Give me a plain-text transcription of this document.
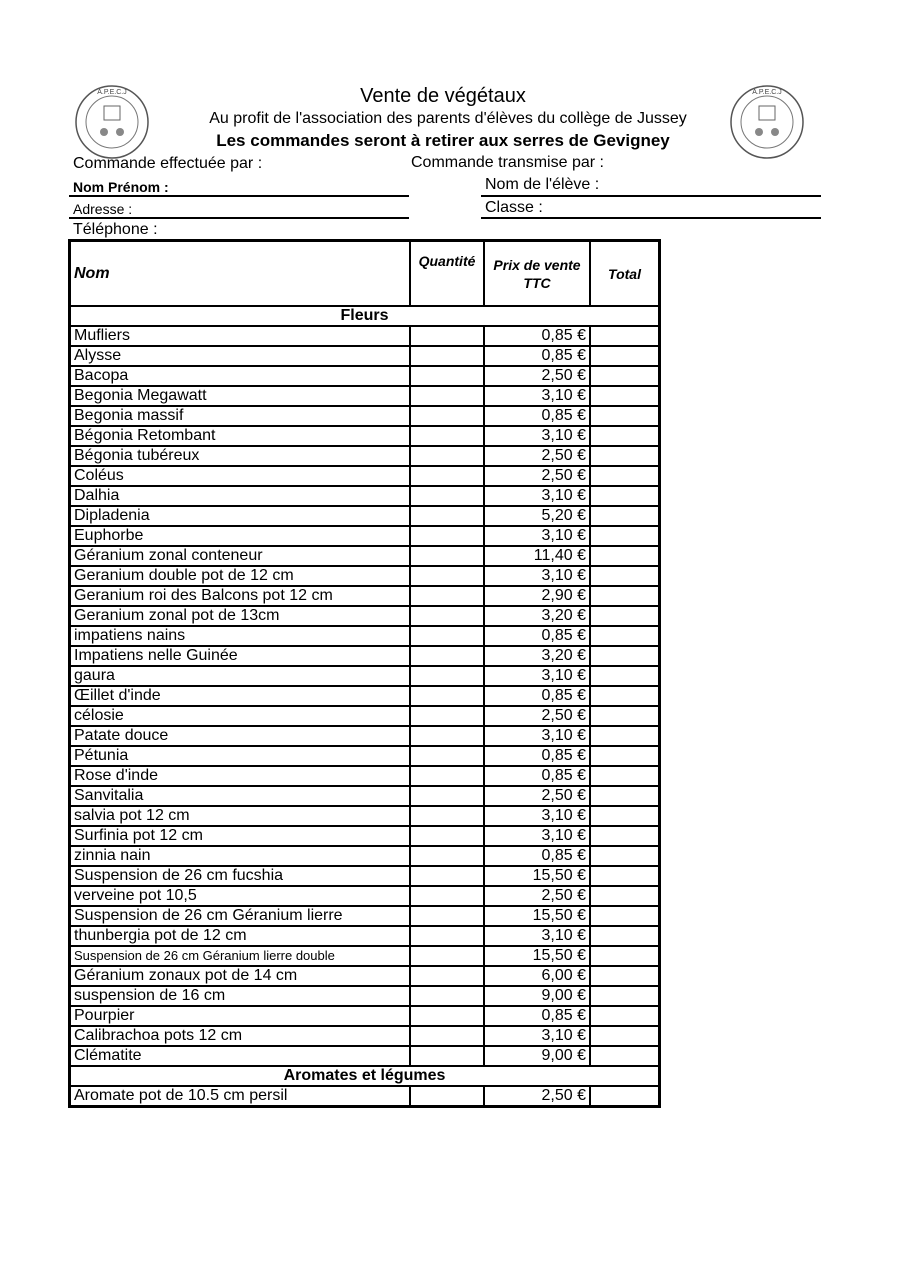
A.P.E.C.J	A.P.E.C.J
Vente de végétaux
Au profit de l'association des parents d'élèves du collège de Jussey
Les commandes seront à retirer aux serres de Gevigney
Commande effectuée par :	Commande transmise par :
Nom Prénom :
Adresse :
Téléphone :
Nom de l'élève :
Classe :
Nom	Quantité	Prix de vente TTC	Total
Fleurs			
Mufliers		0,85 €	
Alysse		0,85 €	
Bacopa		2,50 €	
Begonia Megawatt		3,10 €	
Begonia massif		0,85 €	
Bégonia Retombant		3,10 €	
Bégonia tubéreux		2,50 €	
Coléus		2,50 €	
Dalhia		3,10 €	
Dipladenia		5,20 €	
Euphorbe		3,10 €	
Géranium zonal conteneur		11,40 €	
Geranium double pot de 12 cm		3,10 €	
Geranium roi des Balcons pot 12 cm		2,90 €	
Geranium zonal pot de 13cm		3,20 €	
impatiens nains		0,85 €	
Impatiens nelle Guinée		3,20 €	
gaura		3,10 €	
Œillet d'inde		0,85 €	
célosie		2,50 €	
Patate douce		3,10 €	
Pétunia		0,85 €	
Rose d'inde		0,85 €	
Sanvitalia		2,50 €	
salvia pot 12 cm		3,10 €	
Surfinia pot 12 cm		3,10 €	
zinnia nain		0,85 €	
Suspension de 26 cm fucshia		15,50 €	
verveine pot 10,5		2,50 €	
Suspension de 26 cm Géranium lierre		15,50 €	
thunbergia pot de 12 cm		3,10 €	
Suspension de 26 cm Géranium lierre double		15,50 €	
Géranium zonaux pot de 14 cm		6,00 €	
suspension de 16 cm		9,00 €	
Pourpier		0,85 €	
Calibrachoa pots 12 cm		3,10 €	
Clématite		9,00 €	
Aromates et légumes			
Aromate pot de 10.5 cm persil		2,50 €	
